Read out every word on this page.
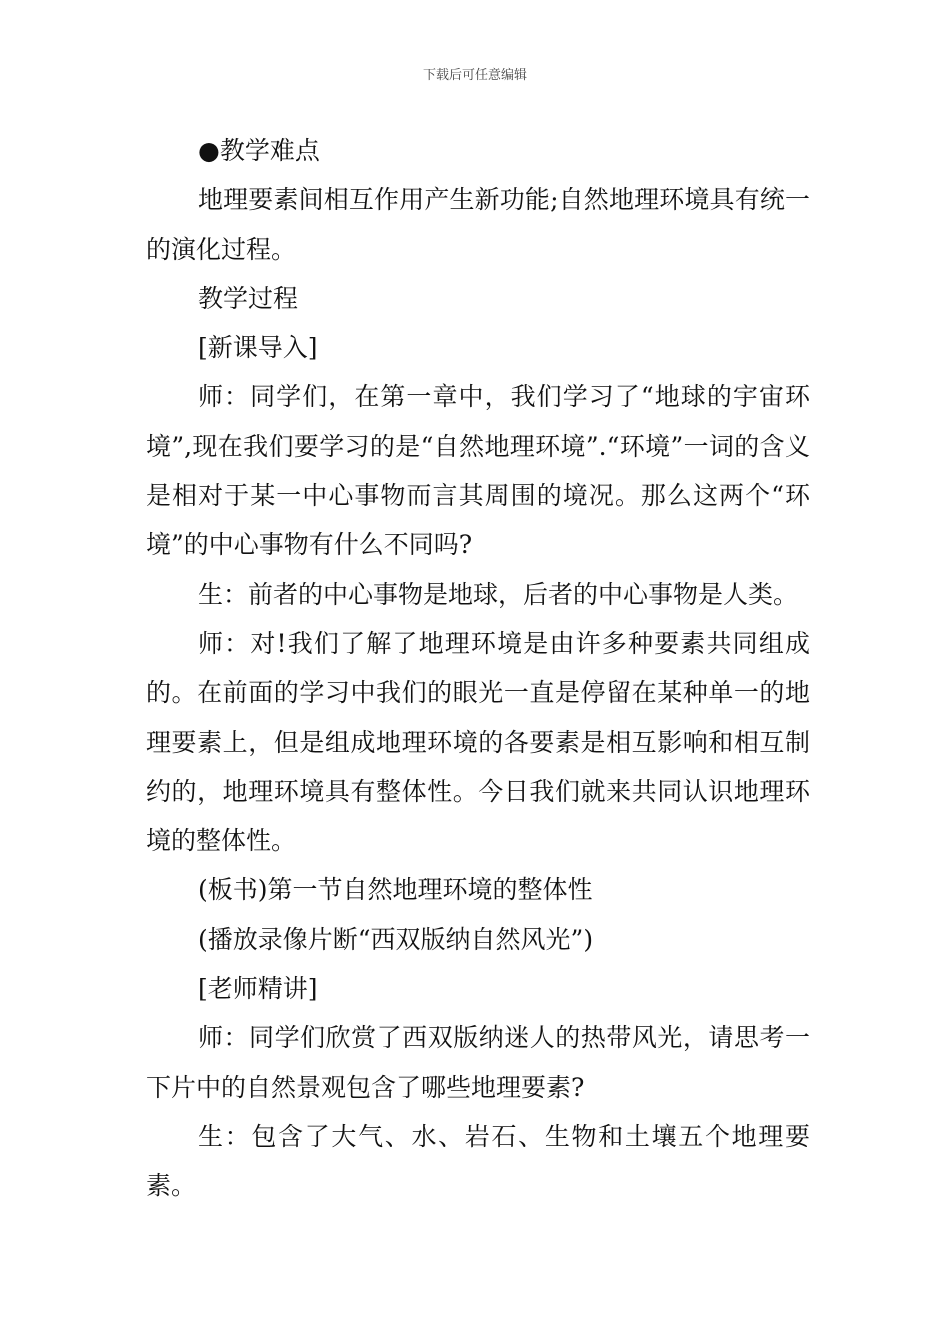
下载后可任意编辑

●教学难点

地理要素间相互作用产生新功能;自然地理环境具有统一的演化过程。

教学过程

[新课导入]

师：同学们，在第一章中，我们学习了“地球的宇宙环境”,现在我们要学习的是“自然地理环境”.“环境”一词的含义是相对于某一中心事物而言其周围的境况。那么这两个“环境”的中心事物有什么不同吗?

生：前者的中心事物是地球，后者的中心事物是人类。

师：对!我们了解了地理环境是由许多种要素共同组成的。在前面的学习中我们的眼光一直是停留在某种单一的地理要素上，但是组成地理环境的各要素是相互影响和相互制约的，地理环境具有整体性。今日我们就来共同认识地理环境的整体性。

(板书)第一节自然地理环境的整体性

(播放录像片断“西双版纳自然风光”)

[老师精讲]

师：同学们欣赏了西双版纳迷人的热带风光，请思考一下片中的自然景观包含了哪些地理要素?

生：包含了大气、水、岩石、生物和土壤五个地理要素。
